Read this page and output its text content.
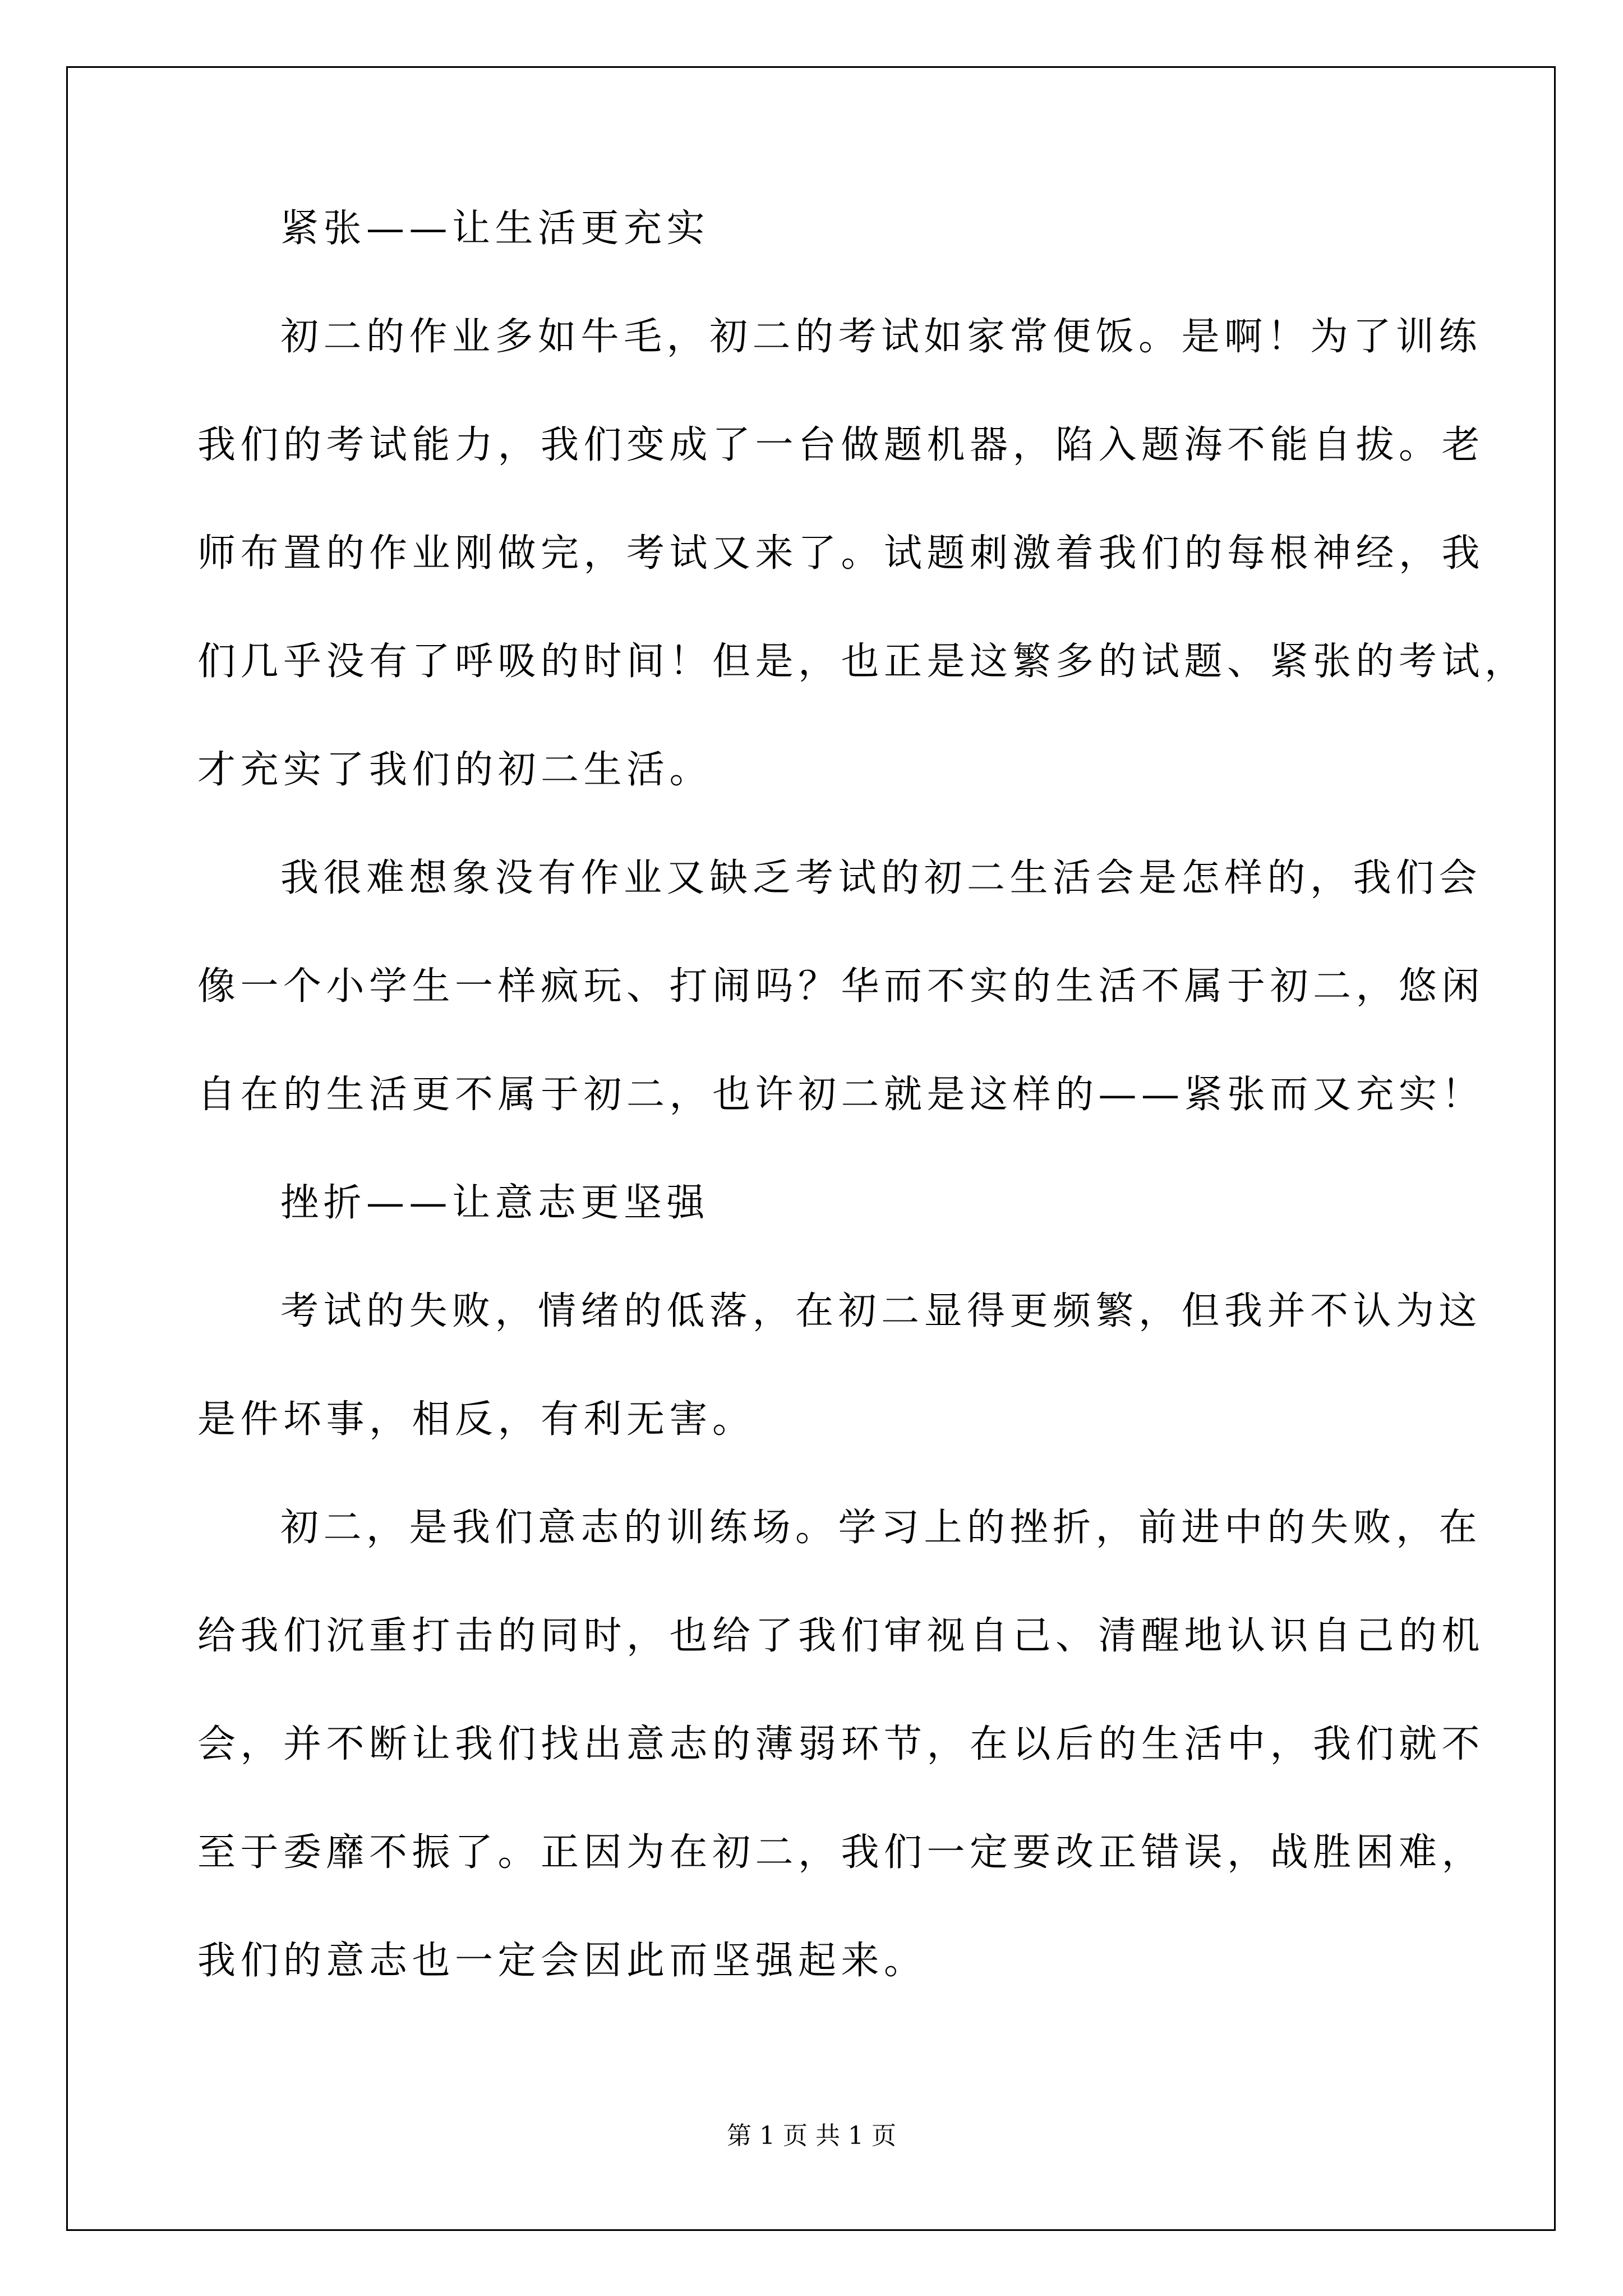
紧张——让生活更充实
初二的作业多如牛毛，初二的考试如家常便饭。是啊！为了训练
我们的考试能力，我们变成了一台做题机器，陷入题海不能自拔。老
师布置的作业刚做完，考试又来了。试题刺激着我们的每根神经，我
们几乎没有了呼吸的时间！但是，也正是这繁多的试题、紧张的考试，
才充实了我们的初二生活。
我很难想象没有作业又缺乏考试的初二生活会是怎样的，我们会
像一个小学生一样疯玩、打闹吗？华而不实的生活不属于初二，悠闲
自在的生活更不属于初二，也许初二就是这样的——紧张而又充实！
挫折——让意志更坚强
考试的失败，情绪的低落，在初二显得更频繁，但我并不认为这
是件坏事，相反，有利无害。
初二，是我们意志的训练场。学习上的挫折，前进中的失败，在
给我们沉重打击的同时，也给了我们审视自己、清醒地认识自己的机
会，并不断让我们找出意志的薄弱环节，在以后的生活中，我们就不
至于委靡不振了。正因为在初二，我们一定要改正错误，战胜困难，
我们的意志也一定会因此而坚强起来。
第 1 页 共 1 页
